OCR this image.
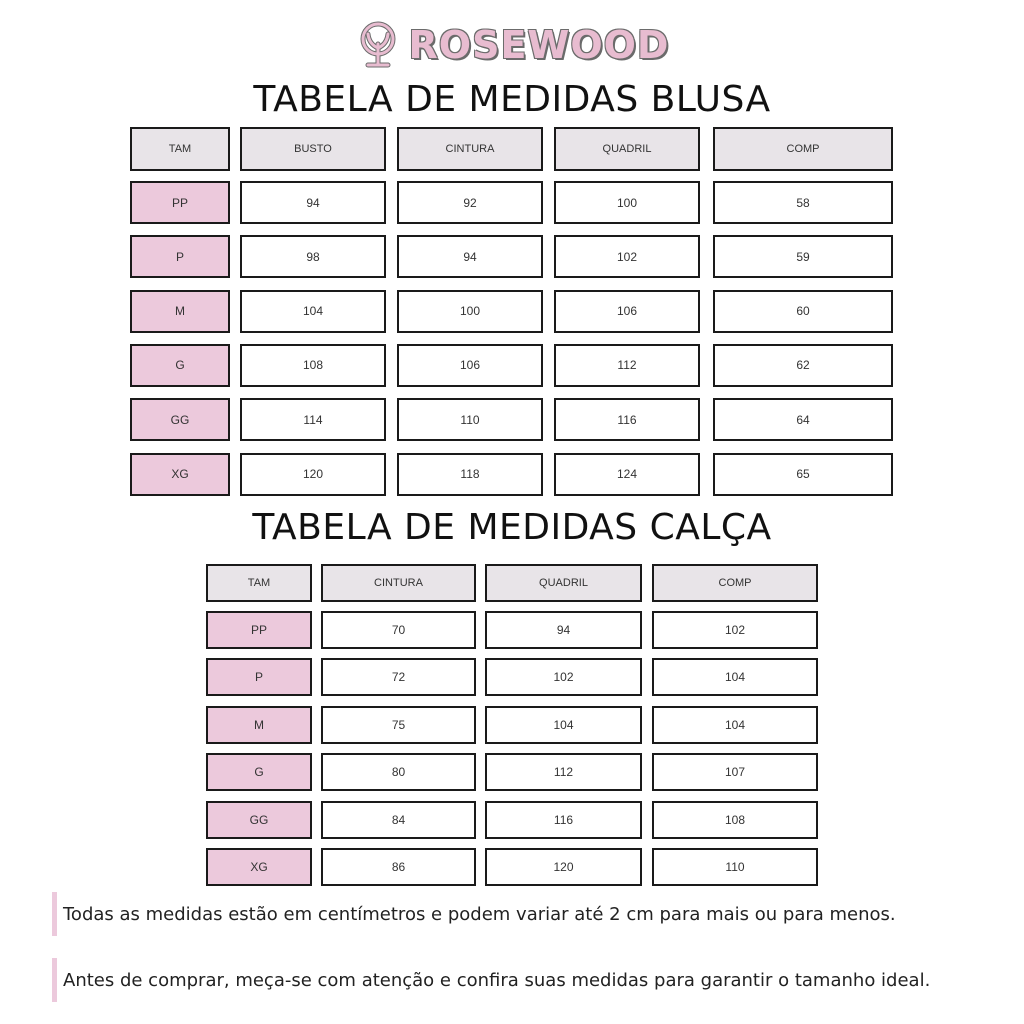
ROSEWOOD
TABELA DE MEDIDAS BLUSA
TAM	BUSTO	CINTURA	QUADRIL	COMP
PP	94	92	100	58
P	98	94	102	59
M	104	100	106	60
G	108	106	112	62
GG	114	110	116	64
XG	120	118	124	65
TABELA DE MEDIDAS CALÇA
TAM	CINTURA	QUADRIL	COMP
PP	70	94	102
P	72	102	104
M	75	104	104
G	80	112	107
GG	84	116	108
XG	86	120	110
Todas as medidas estão em centímetros e podem variar até 2 cm para mais ou para menos.
Antes de comprar, meça-se com atenção e confira suas medidas para garantir o tamanho ideal.
